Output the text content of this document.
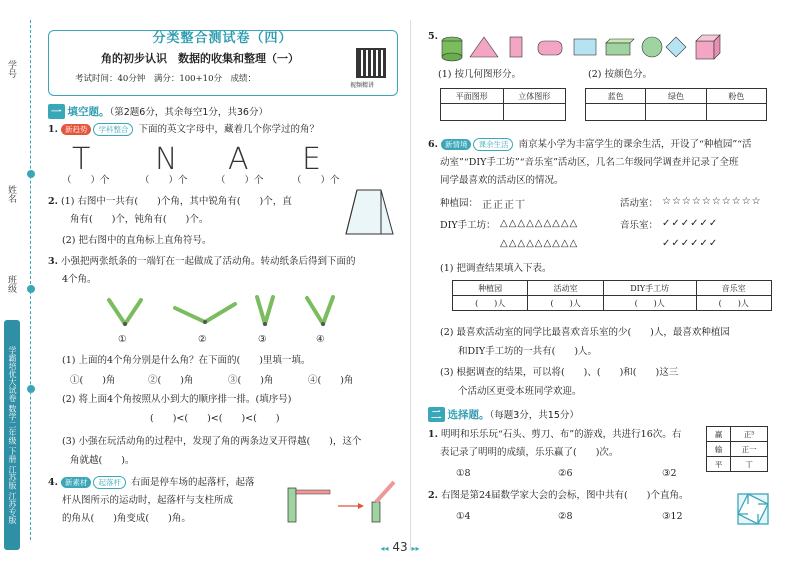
学号
姓名
班级
学霸培优大试卷 数学二年级 下册 江苏版 江苏专版
分类整合测试卷（四）
角的初步认识　数据的收集和整理（一）
考试时间：40分钟　满分：100+10分　成绩：
视频精讲
一 填空题。（第2题6分，其余每空1分，共36分）
1. 新趋势 学科整合 下面的英文字母中，藏着几个你学过的角？
T N A E
（　　）个	（　　）个	（　　）个	（　　）个
2. (1) 右图中一共有(　　)个角，其中锐角有(　　)个，直
角有(　　)个，钝角有(　　)个。
(2) 把右图中的直角标上直角符号。
3. 小强把两张纸条的一端钉在一起做成了活动角。转动纸条后得到下面的
4个角。
①	②	③	④
(1) 上面的4个角分别是什么角？在下面的(　　)里填一填。
①(　　)角	②(　　)角	③(　　)角	④(　　)角
(2) 将上面4个角按照从小到大的顺序排一排。(填序号)
(　　)<(　　)<(　　)<(　　)
(3) 小强在玩活动角的过程中，发现了角的两条边叉开得越(　　)，这个
角就越(　　)。
4. 新素材 起落杆 右面是停车场的起落杆，起落
杆从图所示的运动时，起落杆与支柱所成
的角从(　　)角变成(　　)角。
5.
(1) 按几何图形分。	(2) 按颜色分。
平面图形	立体图形
		蓝色	绿色	粉色

6. 新情境 课余生活 南京某小学为丰富学生的课余生活，开设了“种植园”“活
动室”“DIY手工坊”“音乐室”活动区，几名二年级同学调查并记录了全班
同学最喜欢的活动区的情况。
种植园： 正正正丅	活动室： ☆☆☆☆☆☆☆☆☆☆
DIY手工坊： △△△△△△△△△
△△△△△△△△△
音乐室： ✓✓✓✓✓✓
✓✓✓✓✓✓
(1) 把调查结果填入下表。
种植园	活动室	DIY手工坊	音乐室
(　　)人	(　　)人	(　　)人	(　　)人
(2) 最喜欢活动室的同学比最喜欢音乐室的少(　　)人，最喜欢种植园
和DIY手工坊的一共有(　　)人。
(3) 根据调查的结果，可以将(　　)、(　　)和(　　)这三
个活动区更受本班同学欢迎。
二 选择题。（每题3分，共15分）
1. 明明和乐乐玩“石头、剪刀、布”的游戏，共进行16次。右
表记录了明明的成绩，乐乐赢了(　　)次。
①8	②6	③2
赢	正⁵
输	正一
平	丅
2. 右图是第24届数学家大会的会标，图中共有(　　)个直角。
①4	②8	③12
◂◂ 43 ▸▸
